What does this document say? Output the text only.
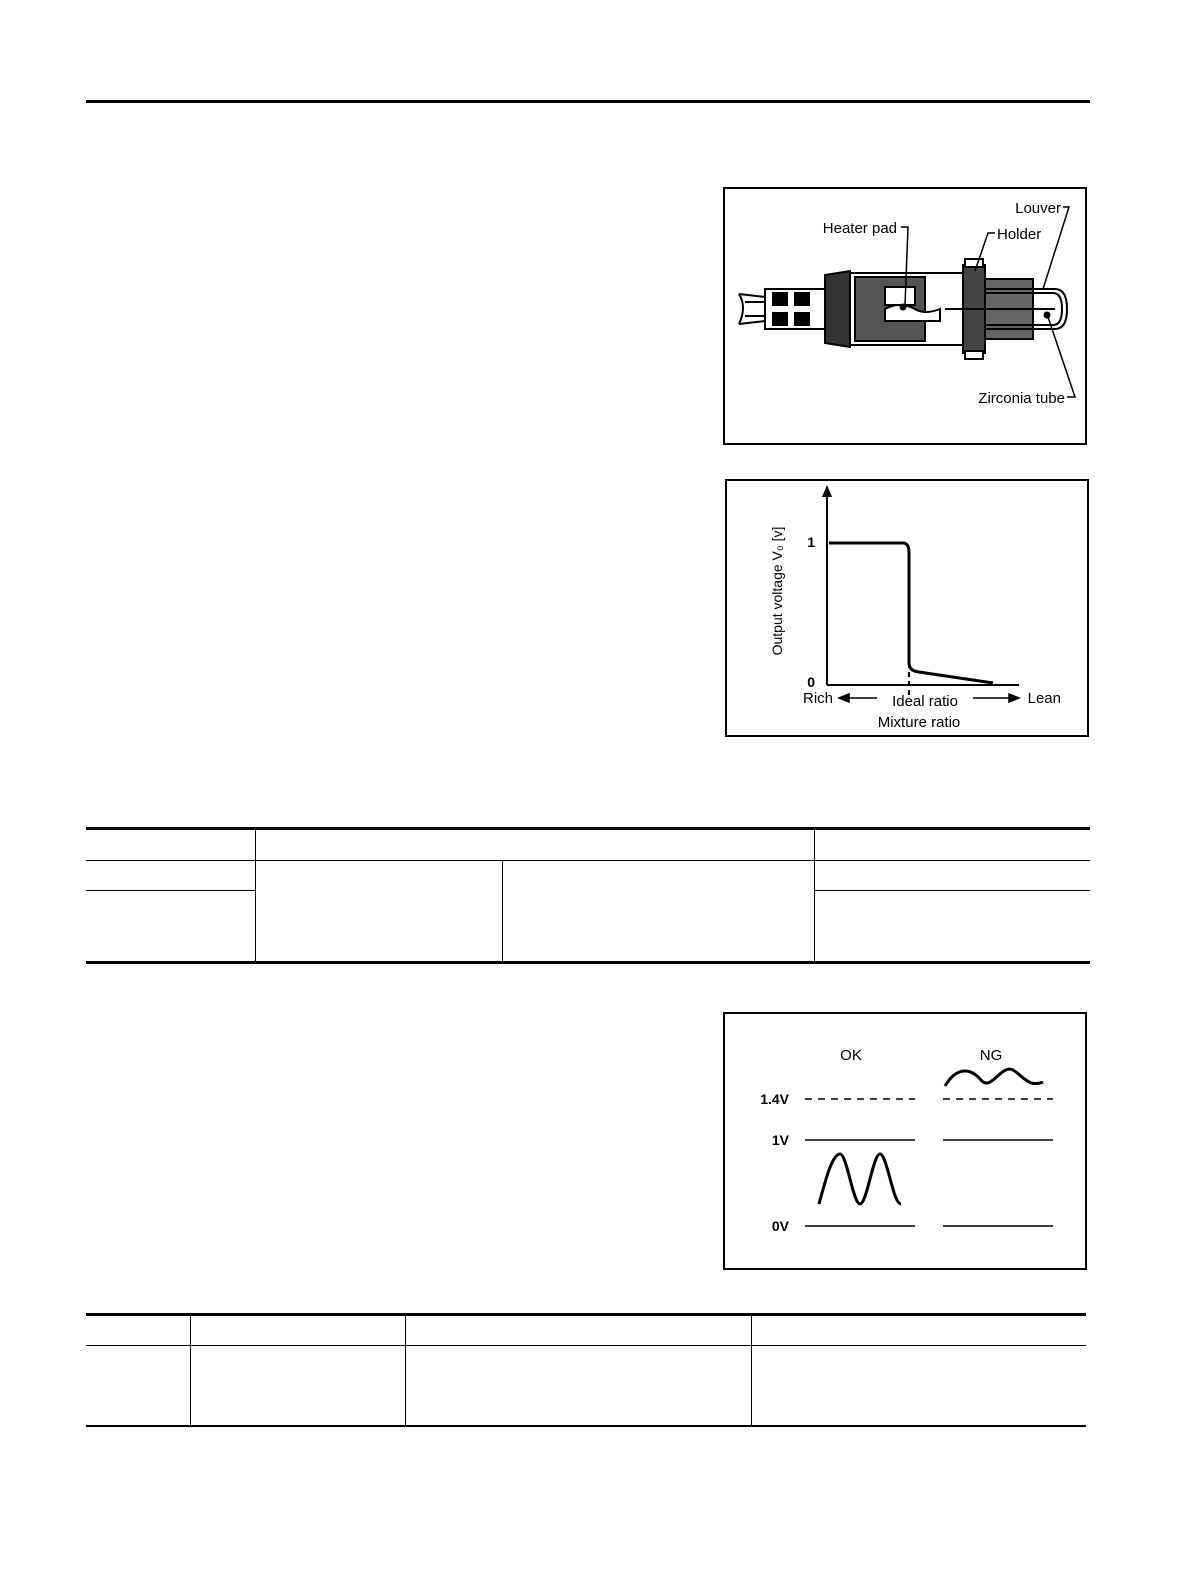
Louver
Heater pad	Holder
Zirconia tube
1
0
Output voltage V₀ [v]
Rich	Ideal ratio	Lean
Mixture ratio

OK	NG
1.4V
1V
0V
